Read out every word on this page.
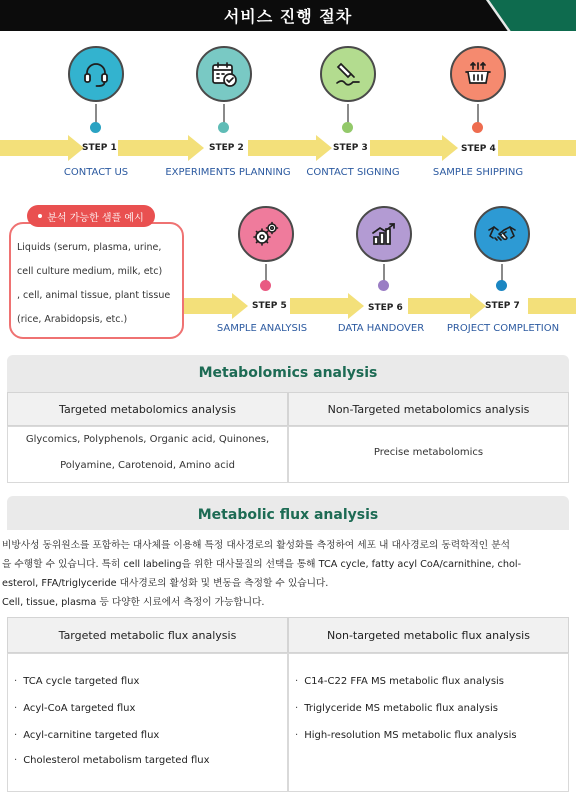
서비스 진행 절차
STEP 1
CONTACT US
STEP 2
EXPERIMENTS PLANNING
STEP 3
CONTACT SIGNING
STEP 4
SAMPLE SHIPPING
Liquids (serum, plasma, urine,
cell culture medium, milk, etc)
, cell, animal tissue, plant tissue
(rice, Arabidopsis, etc.)
분석 가능한 샘플 예시
STEP 5
SAMPLE ANALYSIS
STEP 6
DATA HANDOVER
STEP 7
PROJECT COMPLETION
Metabolomics analysis
Targeted metabolomics analysis	Non-Targeted metabolomics analysis
Glycomics, Polyphenols, Organic acid, Quinones,
Polyamine, Carotenoid, Amino acid
Precise metabolomics
Metabolic flux analysis
비방사성 동위원소를 포함하는 대사체를 이용해 특정 대사경로의 활성화를 측정하여 세포 내 대사경로의 동력학적인 분석
을 수행할 수 있습니다. 특히 cell labeling을 위한 대사물질의 선택을 통해 TCA cycle, fatty acyl CoA/carnithine, chol-
esterol, FFA/triglyceride 대사경로의 활성화 및 변동을 측정할 수 있습니다.
Cell, tissue, plasma 등 다양한 시료에서 측정이 가능합니다.
Targeted metabolic flux analysis	Non-targeted metabolic flux analysis
· TCA cycle targeted flux
· Acyl-CoA targeted flux
· Acyl-carnitine targeted flux
· Cholesterol metabolism targeted flux
· C14-C22 FFA MS metabolic flux analysis
· Triglyceride MS metabolic flux analysis
· High-resolution MS metabolic flux analysis
